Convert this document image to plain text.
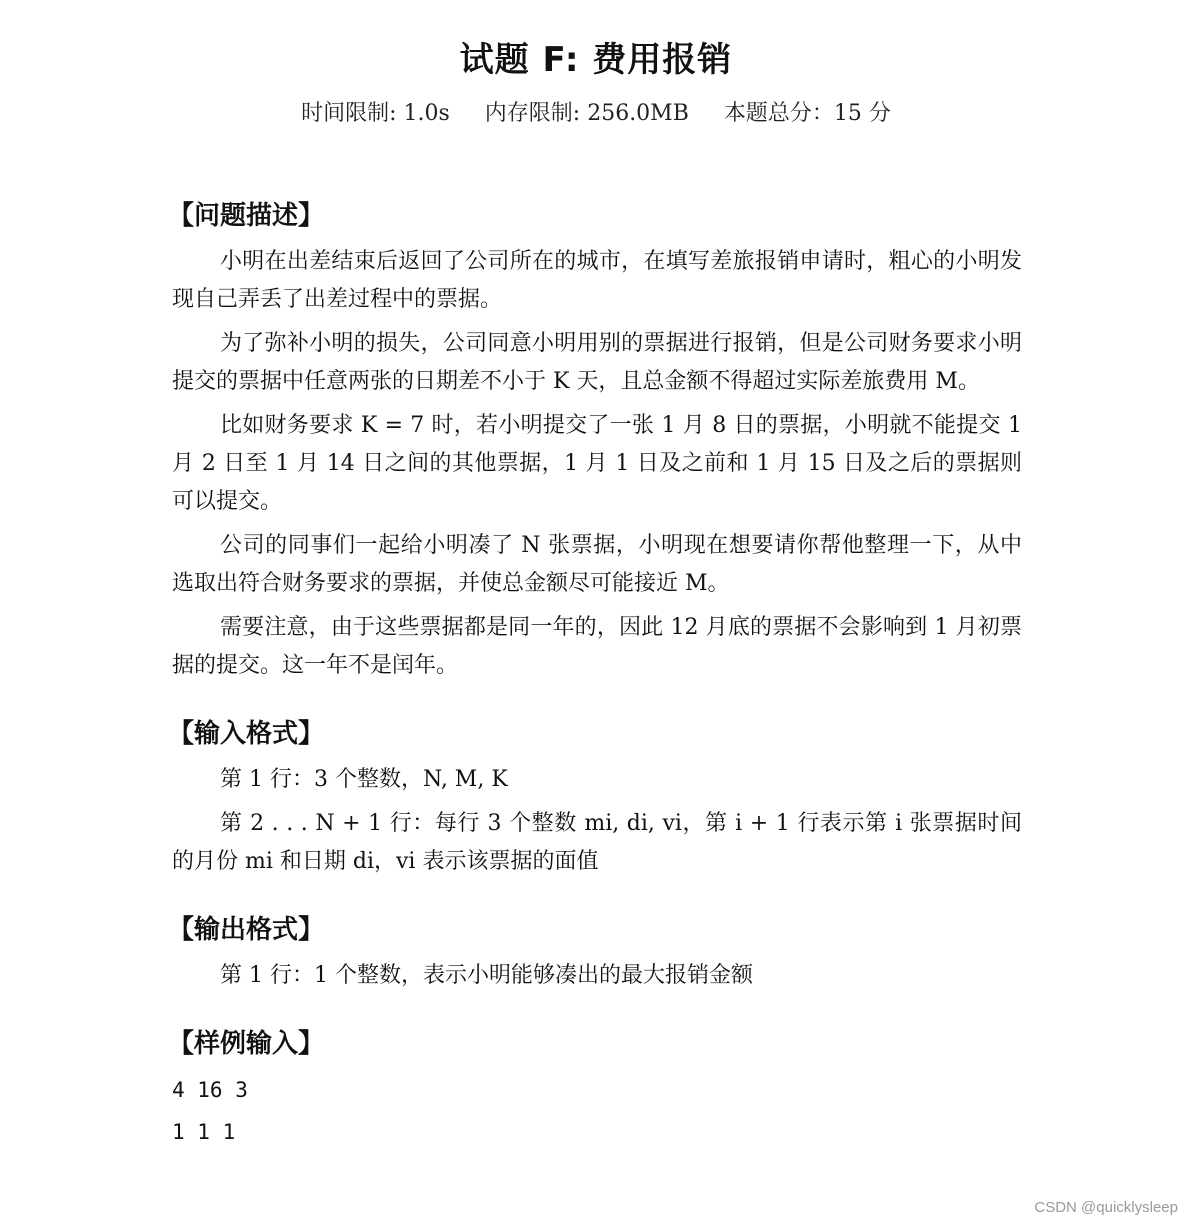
试题 F: 费用报销
时间限制: 1.0s 内存限制: 256.0MB 本题总分：15 分
【问题描述】

小明在出差结束后返回了公司所在的城市，在填写差旅报销申请时，粗心的小明发现自己弄丢了出差过程中的票据。

为了弥补小明的损失，公司同意小明用别的票据进行报销，但是公司财务要求小明提交的票据中任意两张的日期差不小于 K 天，且总金额不得超过实际差旅费用 M。

比如财务要求 K = 7 时，若小明提交了一张 1 月 8 日的票据，小明就不能提交 1 月 2 日至 1 月 14 日之间的其他票据，1 月 1 日及之前和 1 月 15 日及之后的票据则可以提交。

公司的同事们一起给小明凑了 N 张票据，小明现在想要请你帮他整理一下，从中选取出符合财务要求的票据，并使总金额尽可能接近 M。

需要注意，由于这些票据都是同一年的，因此 12 月底的票据不会影响到 1 月初票据的提交。这一年不是闰年。

【输入格式】

第 1 行：3 个整数，N, M, K

第 2 . . . N + 1 行：每行 3 个整数 mi, di, vi，第 i + 1 行表示第 i 张票据时间的月份 mi 和日期 di，vi 表示该票据的面值

【输出格式】

第 1 行：1 个整数，表示小明能够凑出的最大报销金额

【样例输入】
4 16 3
1 1 1
CSDN @quicklysleep
